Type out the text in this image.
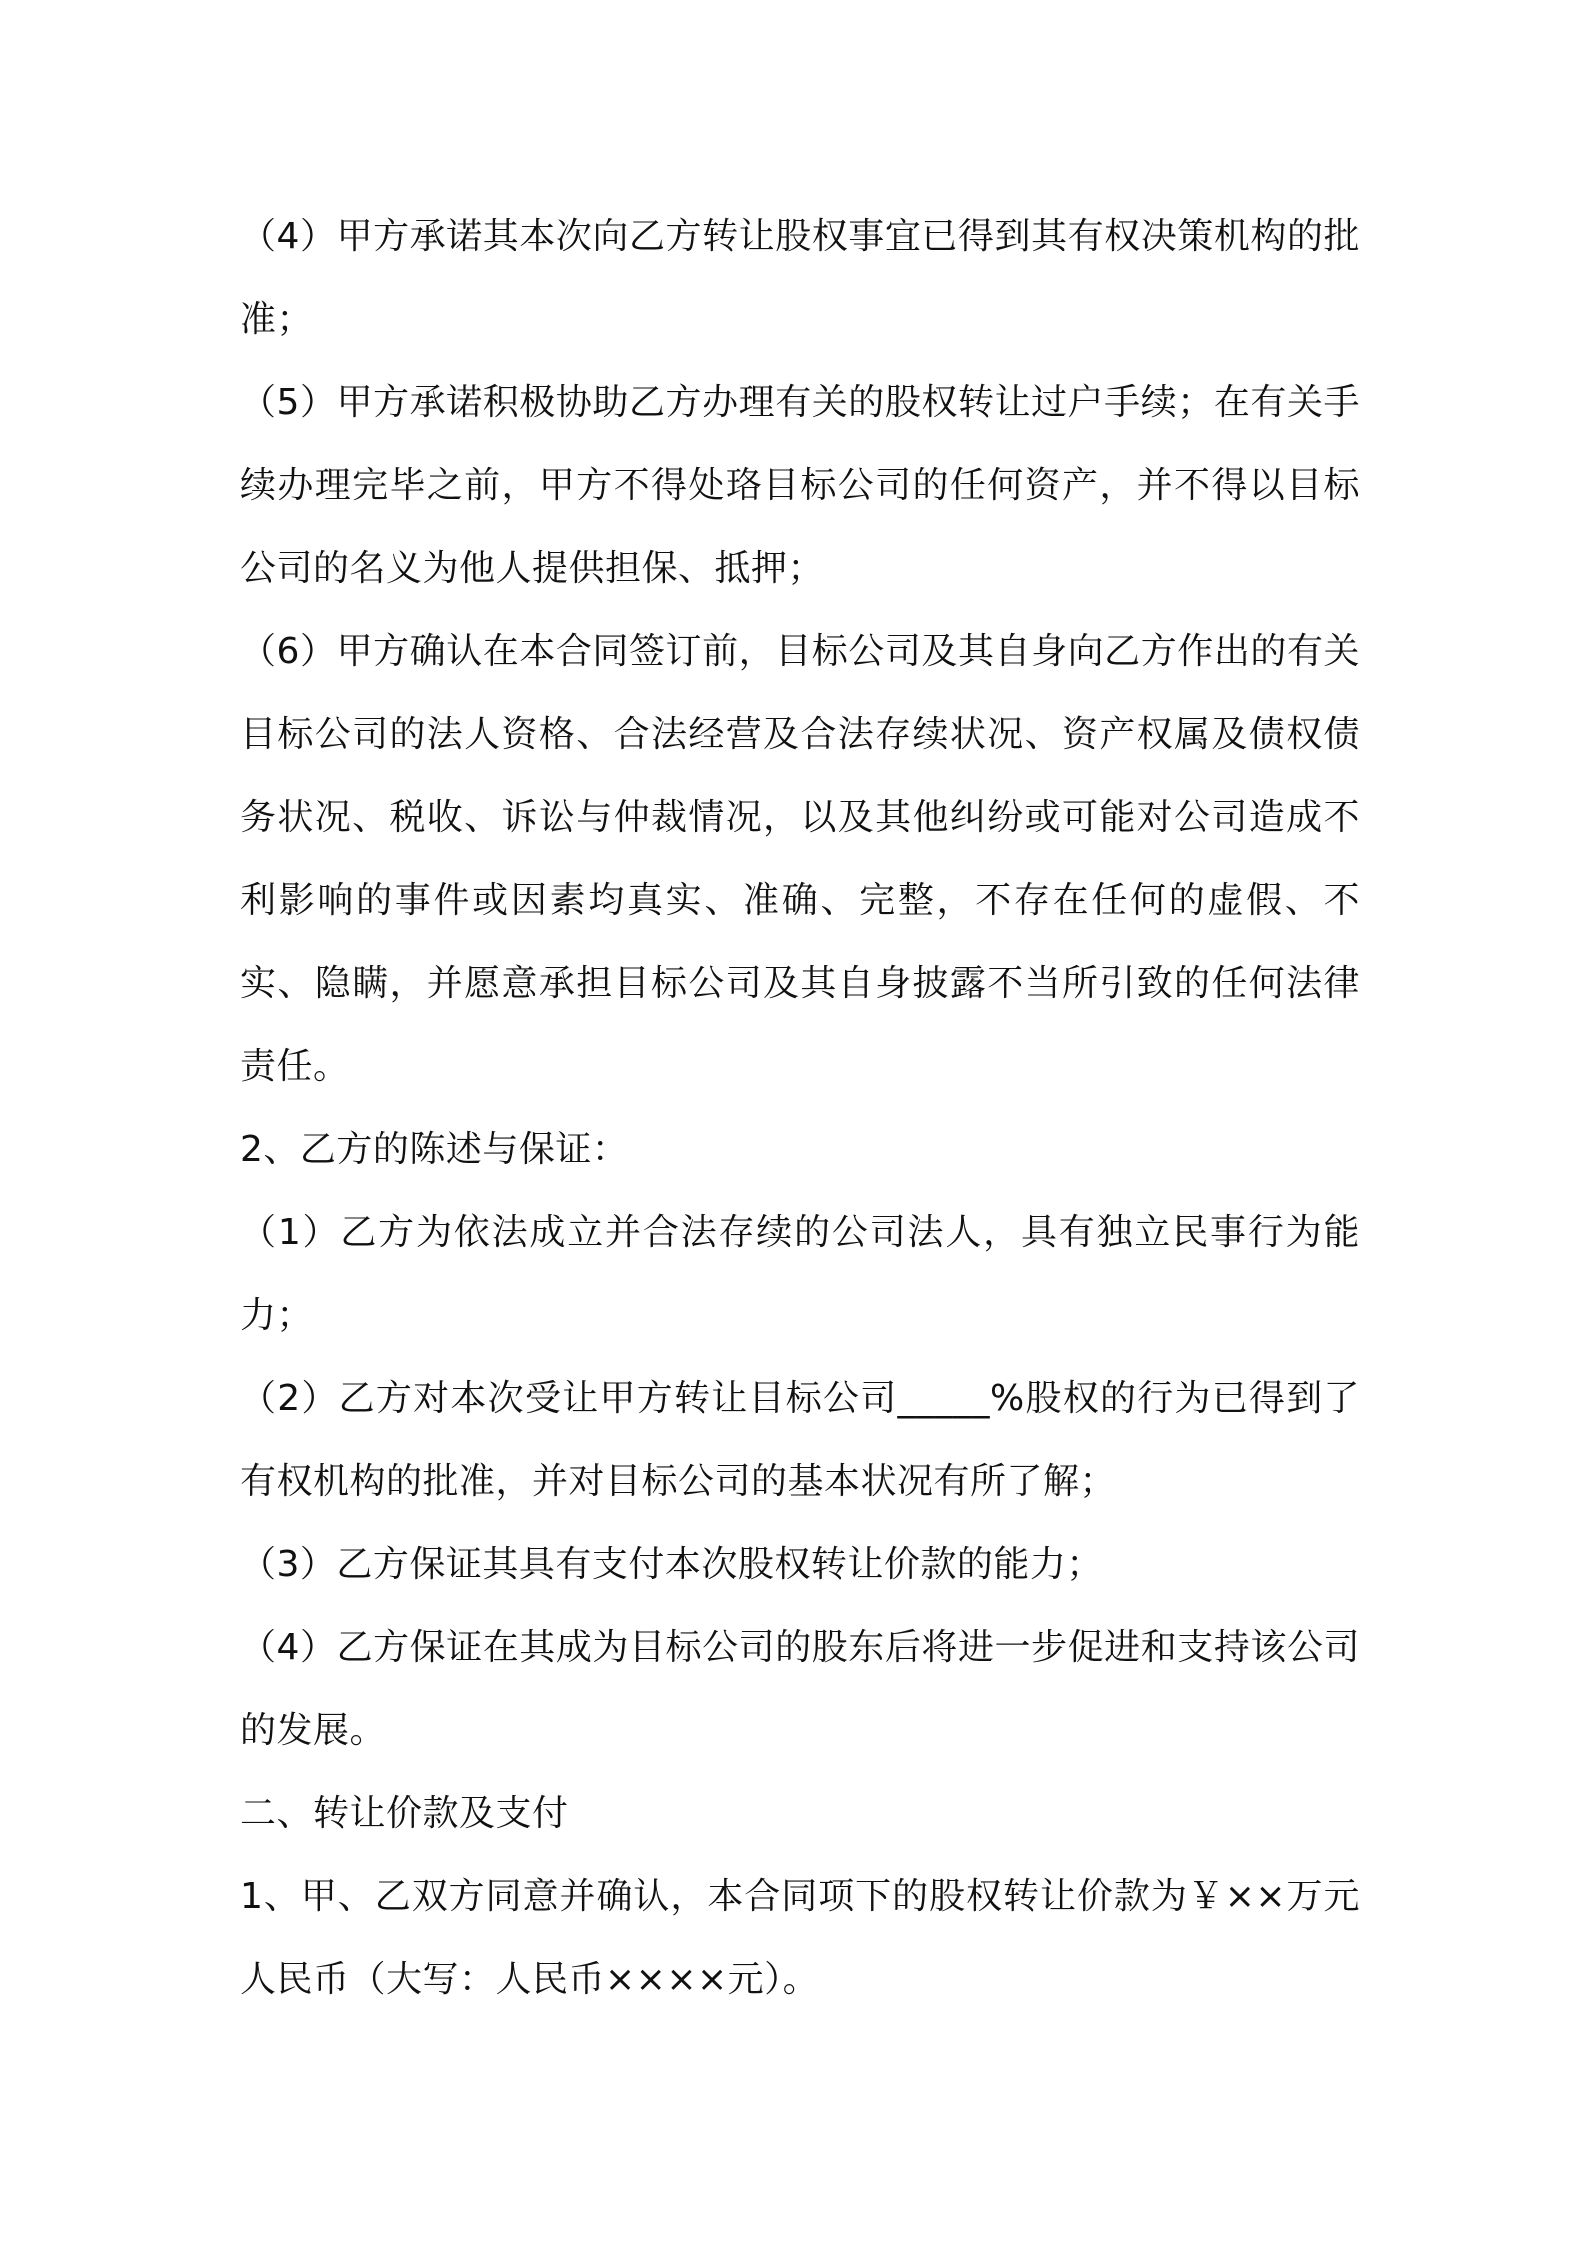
（4）甲方承诺其本次向乙方转让股权事宜已得到其有权决策机构的批准；

（5）甲方承诺积极协助乙方办理有关的股权转让过户手续；在有关手续办理完毕之前，甲方不得处珞目标公司的任何资产，并不得以目标公司的名义为他人提供担保、抵押；

（6）甲方确认在本合同签订前，目标公司及其自身向乙方作出的有关目标公司的法人资格、合法经营及合法存续状况、资产权属及债权债务状况、税收、诉讼与仲裁情况，以及其他纠纷或可能对公司造成不利影响的事件或因素均真实、准确、完整，不存在任何的虚假、不实、隐瞒，并愿意承担目标公司及其自身披露不当所引致的任何法律责任。

2、乙方的陈述与保证：

（1）乙方为依法成立并合法存续的公司法人，具有独立民事行为能力；

（2）乙方对本次受让甲方转让目标公司_____%股权的行为已得到了有权机构的批准，并对目标公司的基本状况有所了解；

（3）乙方保证其具有支付本次股权转让价款的能力；

（4）乙方保证在其成为目标公司的股东后将进一步促进和支持该公司的发展。

二、转让价款及支付

1、甲、乙双方同意并确认，本合同项下的股权转让价款为￥××万元人民币（大写：人民币××××元）。
